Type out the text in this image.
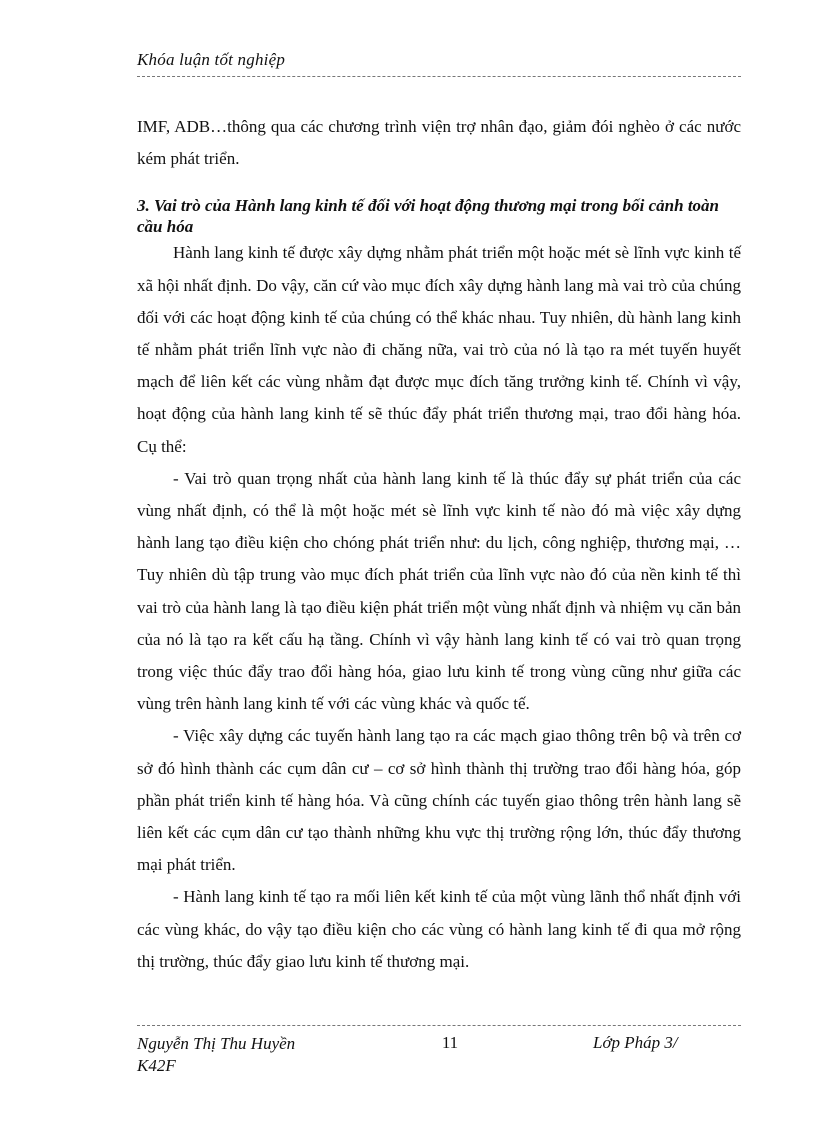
Khóa luận tốt nghiệp

IMF, ADB…thông qua các chương trình viện trợ nhân đạo, giảm đói nghèo ở các nước kém phát triển.

3. Vai trò của Hành lang kinh tế đối với hoạt động thương mại trong bối cảnh toàn cầu hóa

Hành lang kinh tế được xây dựng nhằm phát triển một hoặc mét sè lĩnh vực kinh tế xã hội nhất định. Do vậy, căn cứ vào mục đích xây dựng hành lang mà vai trò của chúng đối với các hoạt động kinh tế của chúng có thể khác nhau. Tuy nhiên, dù hành lang kinh tế nhằm phát triển lĩnh vực nào đi chăng nữa, vai trò của nó là tạo ra mét tuyến huyết mạch để liên kết các vùng nhằm đạt được mục đích tăng trưởng kinh tế. Chính vì vậy, hoạt động của hành lang kinh tế sẽ thúc đẩy phát triển thương mại, trao đổi hàng hóa. Cụ thể:

- Vai trò quan trọng nhất của hành lang kinh tế là thúc đẩy sự phát triển của các vùng nhất định, có thể là một hoặc mét sè lĩnh vực kinh tế nào đó mà việc xây dựng hành lang tạo điều kiện cho chóng phát triển như: du lịch, công nghiệp, thương mại, … Tuy nhiên dù tập trung vào mục đích phát triển của lĩnh vực nào đó của nền kinh tế thì vai trò của hành lang là tạo điều kiện phát triển một vùng nhất định và nhiệm vụ căn bản của nó là tạo ra kết cấu hạ tầng. Chính vì vậy hành lang kinh tế có vai trò quan trọng trong việc thúc đẩy trao đổi hàng hóa, giao lưu kinh tế trong vùng cũng như giữa các vùng trên hành lang kinh tế với các vùng khác và quốc tế.

- Việc xây dựng các tuyến hành lang tạo ra các mạch giao thông trên bộ và trên cơ sở đó hình thành các cụm dân cư – cơ sở hình thành thị trường trao đổi hàng hóa, góp phần phát triển kinh tế hàng hóa. Và cũng chính các tuyến giao thông trên hành lang sẽ liên kết các cụm dân cư tạo thành những khu vực thị trường rộng lớn, thúc đẩy thương mại phát triển.

- Hành lang kinh tế tạo ra mối liên kết kinh tế của một vùng lãnh thổ nhất định với các vùng khác, do vậy tạo điều kiện cho các vùng có hành lang kinh tế đi qua mở rộng thị trường, thúc đẩy giao lưu kinh tế thương mại.

Nguyễn Thị Thu Huyền K42F
11	Lớp Pháp 3/
